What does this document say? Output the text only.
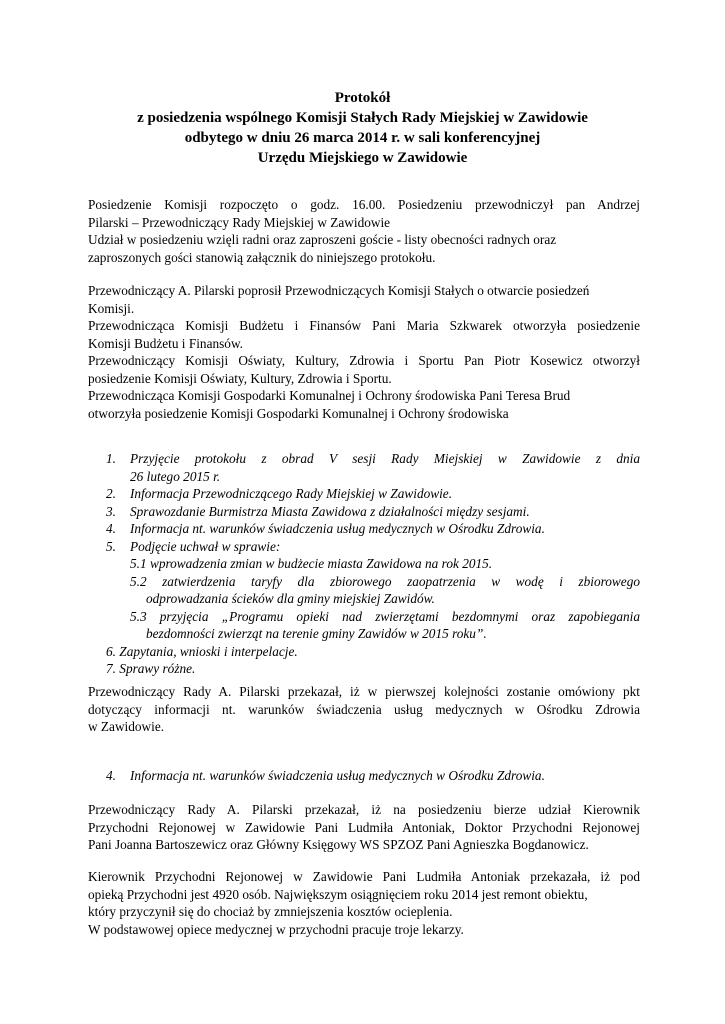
Protokół
z posiedzenia wspólnego Komisji Stałych Rady Miejskiej w Zawidowie
odbytego w dniu 26 marca 2014 r. w sali konferencyjnej
Urzędu Miejskiego w Zawidowie
Posiedzenie Komisji rozpoczęto o godz. 16.00. Posiedzeniu przewodniczył pan Andrzej
Pilarski – Przewodniczący Rady Miejskiej w Zawidowie
Udział w posiedzeniu wzięli radni oraz zaproszeni goście - listy obecności radnych oraz
zaproszonych gości stanowią załącznik do niniejszego protokołu.
Przewodniczący A. Pilarski poprosił Przewodniczących Komisji Stałych o otwarcie posiedzeń
Komisji.
Przewodnicząca Komisji Budżetu i Finansów Pani Maria Szkwarek otworzyła posiedzenie
Komisji Budżetu i Finansów.
Przewodniczący Komisji Oświaty, Kultury, Zdrowia i Sportu Pan Piotr Kosewicz otworzył
posiedzenie Komisji Oświaty, Kultury, Zdrowia i Sportu.
Przewodnicząca Komisji Gospodarki Komunalnej i Ochrony środowiska Pani Teresa Brud
otworzyła posiedzenie Komisji Gospodarki Komunalnej i Ochrony środowiska
1.	Przyjęcie protokołu z obrad V sesji Rady Miejskiej w Zawidowie z dnia
26 lutego 2015 r.
2.	Informacja Przewodniczącego Rady Miejskiej w Zawidowie.
3.	Sprawozdanie Burmistrza Miasta Zawidowa z działalności między sesjami.
4.	Informacja nt. warunków świadczenia usług medycznych w Ośrodku Zdrowia.
5.	Podjęcie uchwał w sprawie:
5.1 wprowadzenia zmian w budżecie miasta Zawidowa na rok 2015.
5.2 zatwierdzenia taryfy dla zbiorowego zaopatrzenia w wodę i zbiorowego
odprowadzania ścieków dla gminy miejskiej Zawidów.
5.3 przyjęcia „Programu opieki nad zwierzętami bezdomnymi oraz zapobiegania
bezdomności zwierząt na terenie gminy Zawidów w 2015 roku”.
6. Zapytania, wnioski i interpelacje.
7. Sprawy różne.
Przewodniczący Rady A. Pilarski przekazał, iż w pierwszej kolejności zostanie omówiony pkt
dotyczący informacji nt. warunków świadczenia usług medycznych w Ośrodku Zdrowia
w Zawidowie.
4.	Informacja nt. warunków świadczenia usług medycznych w Ośrodku Zdrowia.
Przewodniczący Rady A. Pilarski przekazał, iż na posiedzeniu bierze udział Kierownik
Przychodni Rejonowej w Zawidowie Pani Ludmiła Antoniak, Doktor Przychodni Rejonowej
Pani Joanna Bartoszewicz oraz Główny Księgowy WS SPZOZ Pani Agnieszka Bogdanowicz.
Kierownik Przychodni Rejonowej w Zawidowie Pani Ludmiła Antoniak przekazała, iż pod
opieką Przychodni jest 4920 osób. Największym osiągnięciem roku 2014 jest remont obiektu,
który przyczynił się do chociaż by zmniejszenia kosztów ocieplenia.
W podstawowej opiece medycznej w przychodni pracuje troje lekarzy.
